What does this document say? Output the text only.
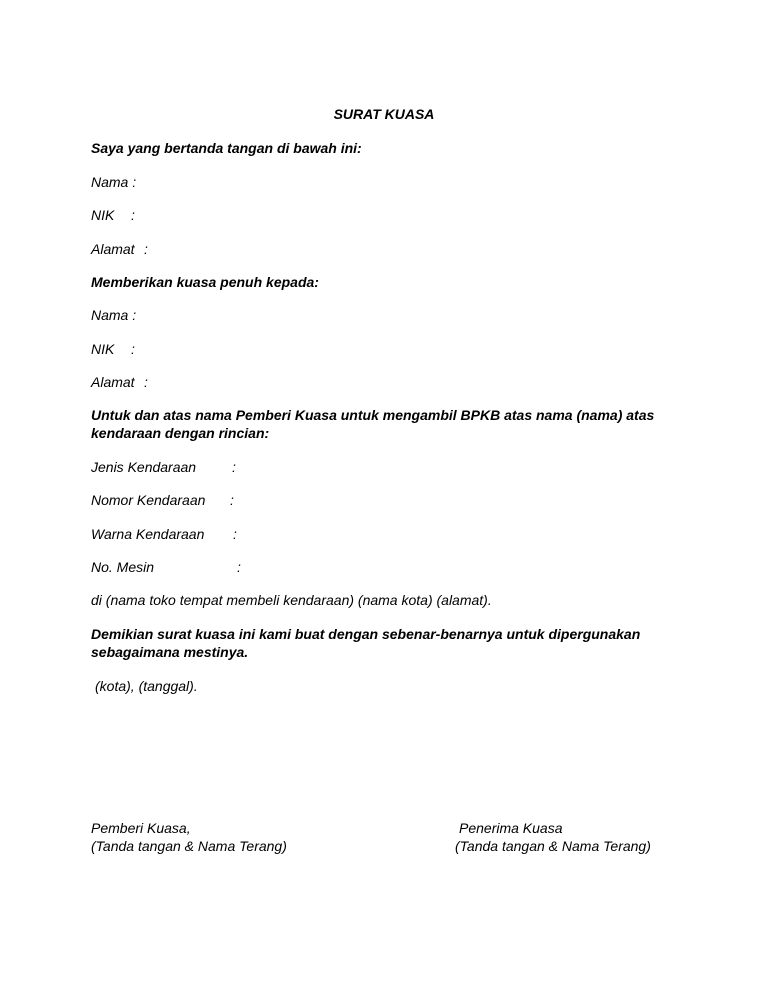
SURAT KUASA
Saya yang bertanda tangan di bawah ini:
Nama :
NIK :
Alamat :
Memberikan kuasa penuh kepada:
Nama :
NIK :
Alamat :
Untuk dan atas nama Pemberi Kuasa untuk mengambil BPKB atas nama (nama) atas
kendaraan dengan rincian:
Jenis Kendaraan	:
Nomor Kendaraan :
Warna Kendaraan :
No. Mesin	:
di (nama toko tempat membeli kendaraan) (nama kota) (alamat).
Demikian surat kuasa ini kami buat dengan sebenar-benarnya untuk dipergunakan
sebagaimana mestinya.
(kota), (tanggal).
Pemberi Kuasa,
(Tanda tangan & Nama Terang)
Penerima Kuasa
(Tanda tangan & Nama Terang)
